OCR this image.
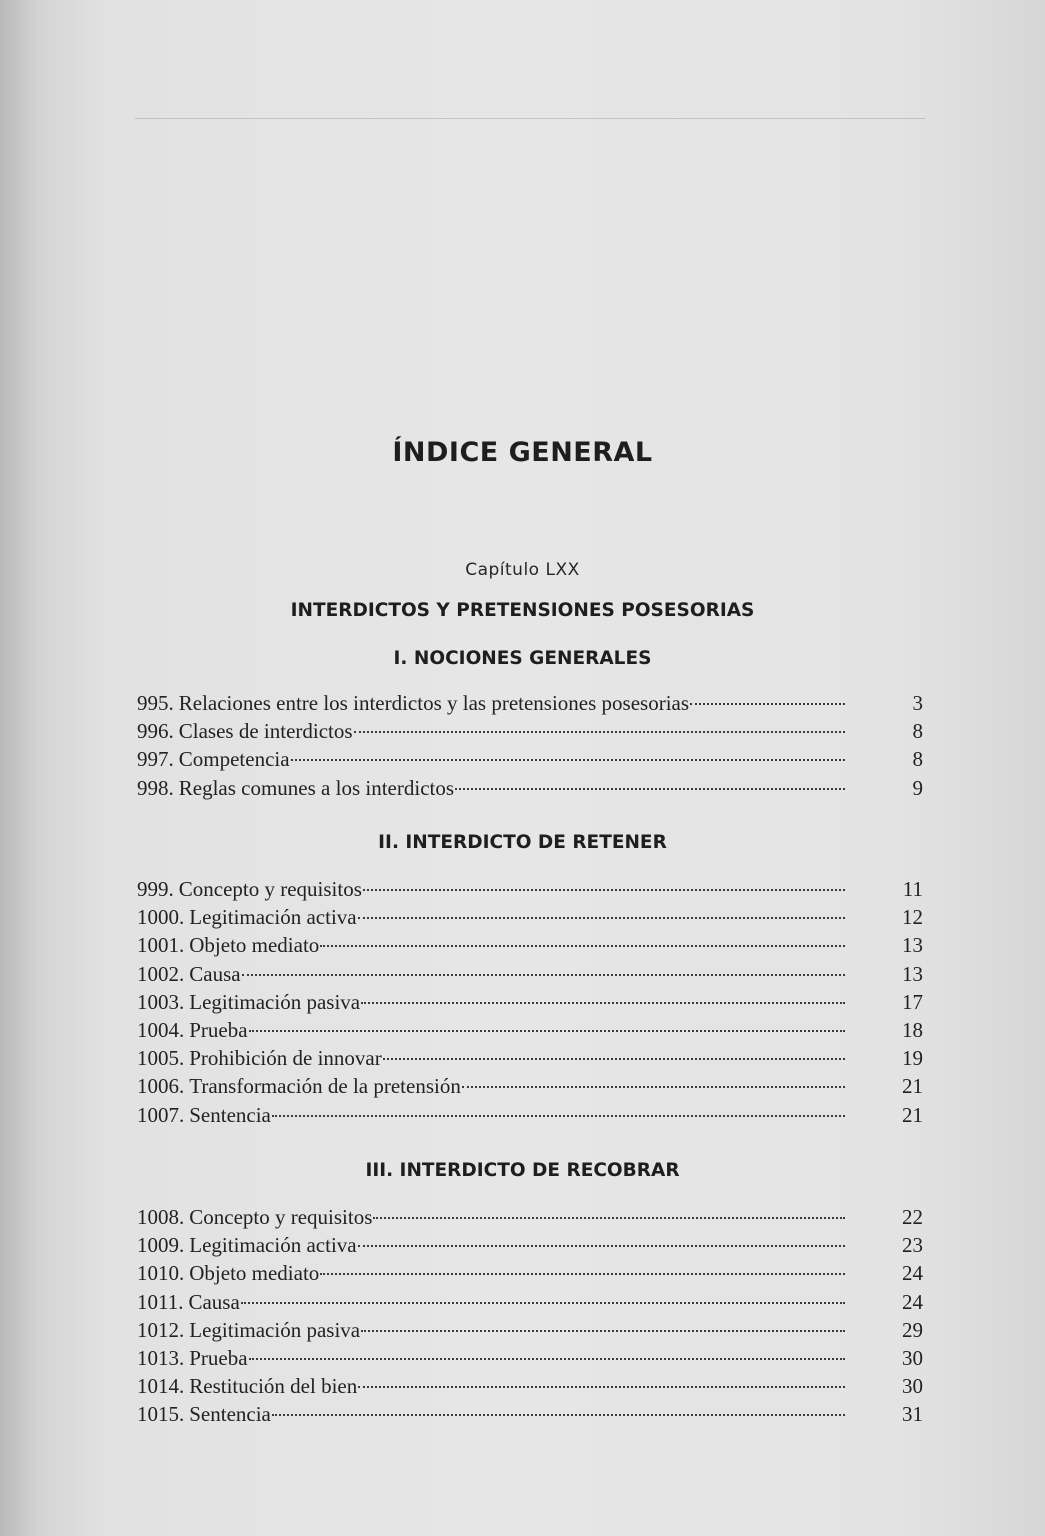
ÍNDICE GENERAL
Capítulo LXX
INTERDICTOS Y PRETENSIONES POSESORIAS
I. NOCIONES GENERALES
995. Relaciones entre los interdictos y las pretensiones posesorias	3
996. Clases de interdictos	8
997. Competencia	8
998. Reglas comunes a los interdictos	9
II. INTERDICTO DE RETENER
999. Concepto y requisitos	11
1000. Legitimación activa	12
1001. Objeto mediato	13
1002. Causa	13
1003. Legitimación pasiva	17
1004. Prueba	18
1005. Prohibición de innovar	19
1006. Transformación de la pretensión	21
1007. Sentencia	21
III. INTERDICTO DE RECOBRAR
1008. Concepto y requisitos	22
1009. Legitimación activa	23
1010. Objeto mediato	24
1011. Causa	24
1012. Legitimación pasiva	29
1013. Prueba	30
1014. Restitución del bien	30
1015. Sentencia	31
